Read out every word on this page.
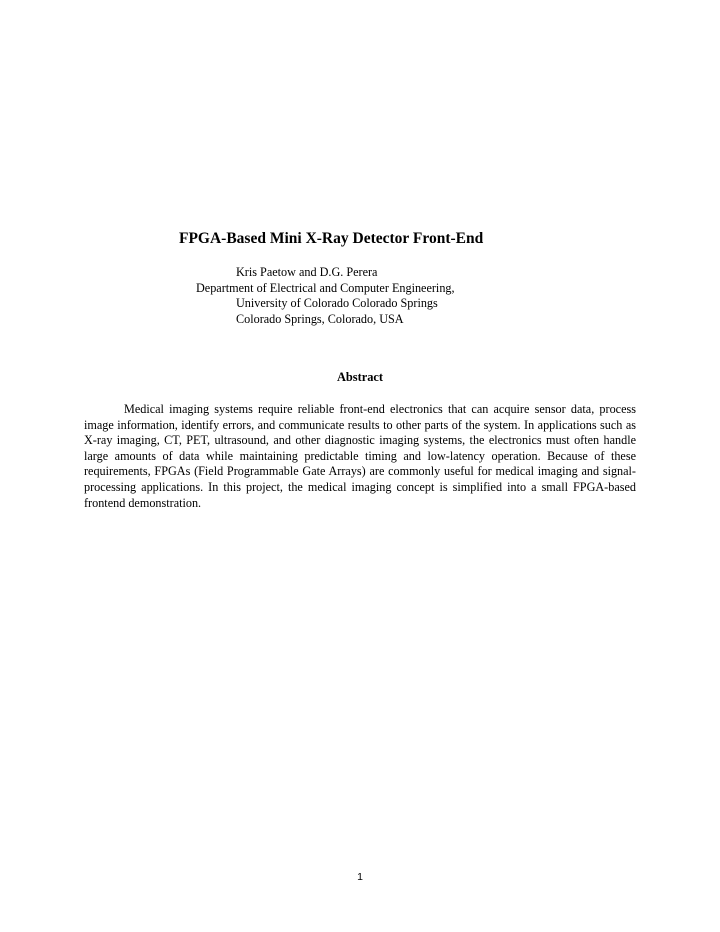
FPGA-Based Mini X-Ray Detector Front-End
Kris Paetow and D.G. Perera
Department of Electrical and Computer Engineering,
University of Colorado Colorado Springs
Colorado Springs, Colorado, USA
Abstract

Medical imaging systems require reliable front-end electronics that can acquire sensor data, process image information, identify errors, and communicate results to other parts of the system. In applications such as X-ray imaging, CT, PET, ultrasound, and other diagnostic imaging systems, the electronics must often handle large amounts of data while maintaining predictable timing and low-latency operation. Because of these requirements, FPGAs (Field Programmable Gate Arrays) are commonly useful for medical imaging and signal-processing applications. In this project, the medical imaging concept is simplified into a small FPGA-based frontend demonstration.

1
